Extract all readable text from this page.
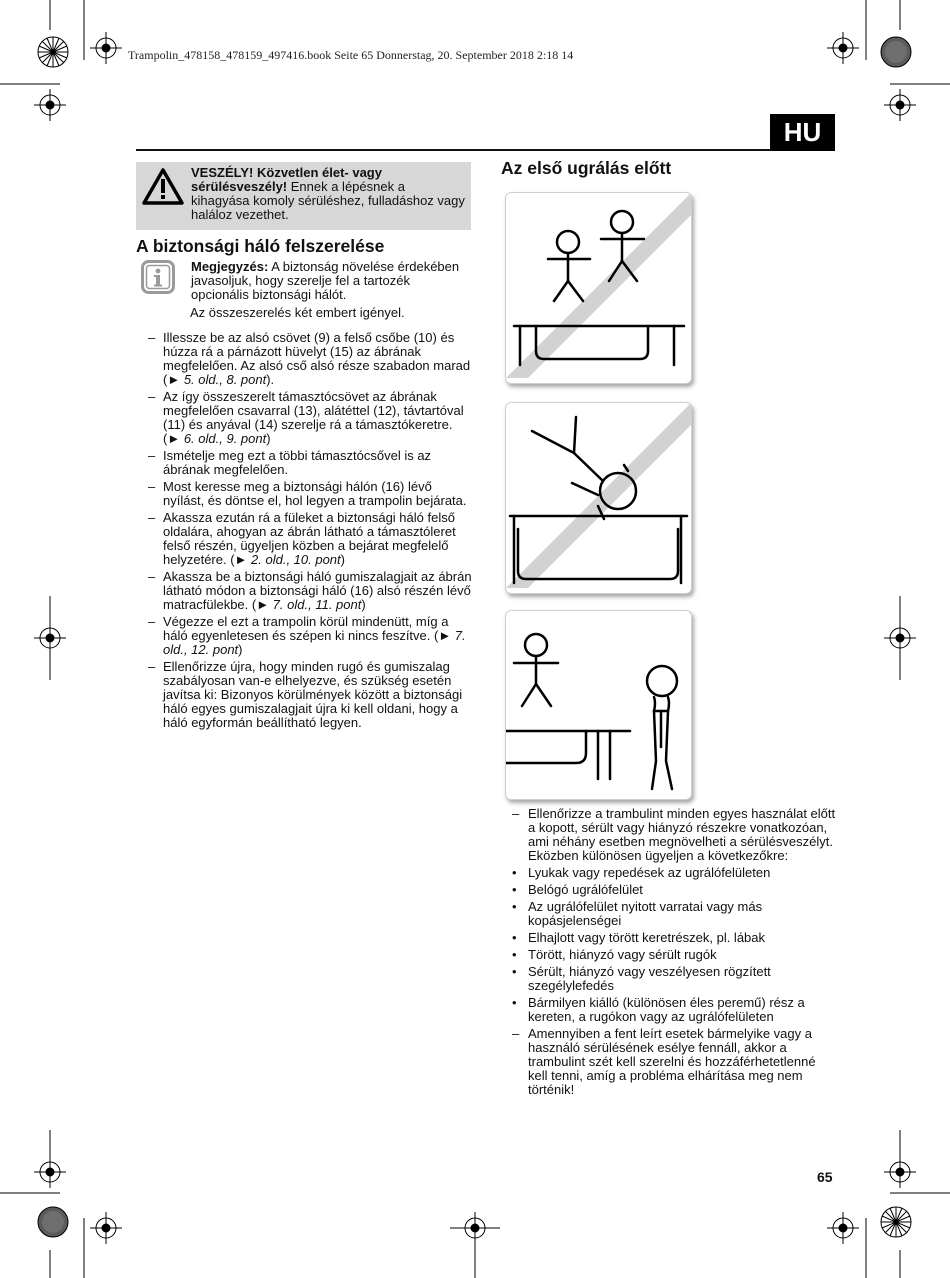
Trampolin_478158_478159_497416.book Seite 65 Donnerstag, 20. September 2018 2:18 14
HU
VESZÉLY! Közvetlen élet- vagy sérülésveszély! Ennek a lépésnek a kihagyása komoly sérüléshez, fulladáshoz vagy haláloz vezethet.
A biztonsági háló felszerelése
Megjegyzés: A biztonság növelése érdekében javasoljuk, hogy szerelje fel a tartozék opcionális biztonsági hálót.
Az összeszerelés két embert igényel.
– Illessze be az alsó csövet (9) a felső csőbe (10) és húzza rá a párnázott hüvelyt (15) az ábrának megfelelően. Az alsó cső alsó része szabadon marad (► 5. old., 8. pont).
– Az így összeszerelt támasztócsövet az ábrának megfelelően csavarral (13), alátéttel (12), távtartóval (11) és anyával (14) szerelje rá a támasztókeretre. (► 6. old., 9. pont)
– Ismételje meg ezt a többi támasztócsővel is az ábrának megfelelően.
– Most keresse meg a biztonsági hálón (16) lévő nyílást, és döntse el, hol legyen a trampolin bejárata.
– Akassza ezután rá a füleket a biztonsági háló felső oldalára, ahogyan az ábrán látható a támasztóleret felső részén, ügyeljen közben a bejárat megfelelő helyzetére. (► 2. old., 10. pont)
– Akassza be a biztonsági háló gumiszalagjait az ábrán látható módon a biztonsági háló (16) alsó részén lévő matracfülekbe. (► 7. old., 11. pont)
– Végezze el ezt a trampolin körül mindenütt, míg a háló egyenletesen és szépen ki nincs feszítve. (► 7. old., 12. pont)
– Ellenőrizze újra, hogy minden rugó és gumiszalag szabályosan van-e elhelyezve, és szükség esetén javítsa ki: Bizonyos körülmények között a biztonsági háló egyes gumiszalagjait újra ki kell oldani, hogy a háló egyformán beállítható legyen.
Az első ugrálás előtt
– Ellenőrizze a trambulint minden egyes használat előtt a kopott, sérült vagy hiányzó részekre vonatkozóan, ami néhány esetben megnövelheti a sérülésveszélyt. Eközben különösen ügyeljen a következőkre:
• Lyukak vagy repedések az ugrálófelületen
• Belógó ugrálófelület
• Az ugrálófelület nyitott varratai vagy más kopásjelenségei
• Elhajlott vagy törött keretrészek, pl. lábak
• Törött, hiányzó vagy sérült rugók
• Sérült, hiányzó vagy veszélyesen rögzített szegélylefedés
• Bármilyen kiálló (különösen éles peremű) rész a kereten, a rugókon vagy az ugrálófelületen
– Amennyiben a fent leírt esetek bármelyike vagy a használó sérülésének esélye fennáll, akkor a trambulint szét kell szerelni és hozzáférhetetlenné kell tenni, amíg a probléma elhárítása meg nem történik!
65
